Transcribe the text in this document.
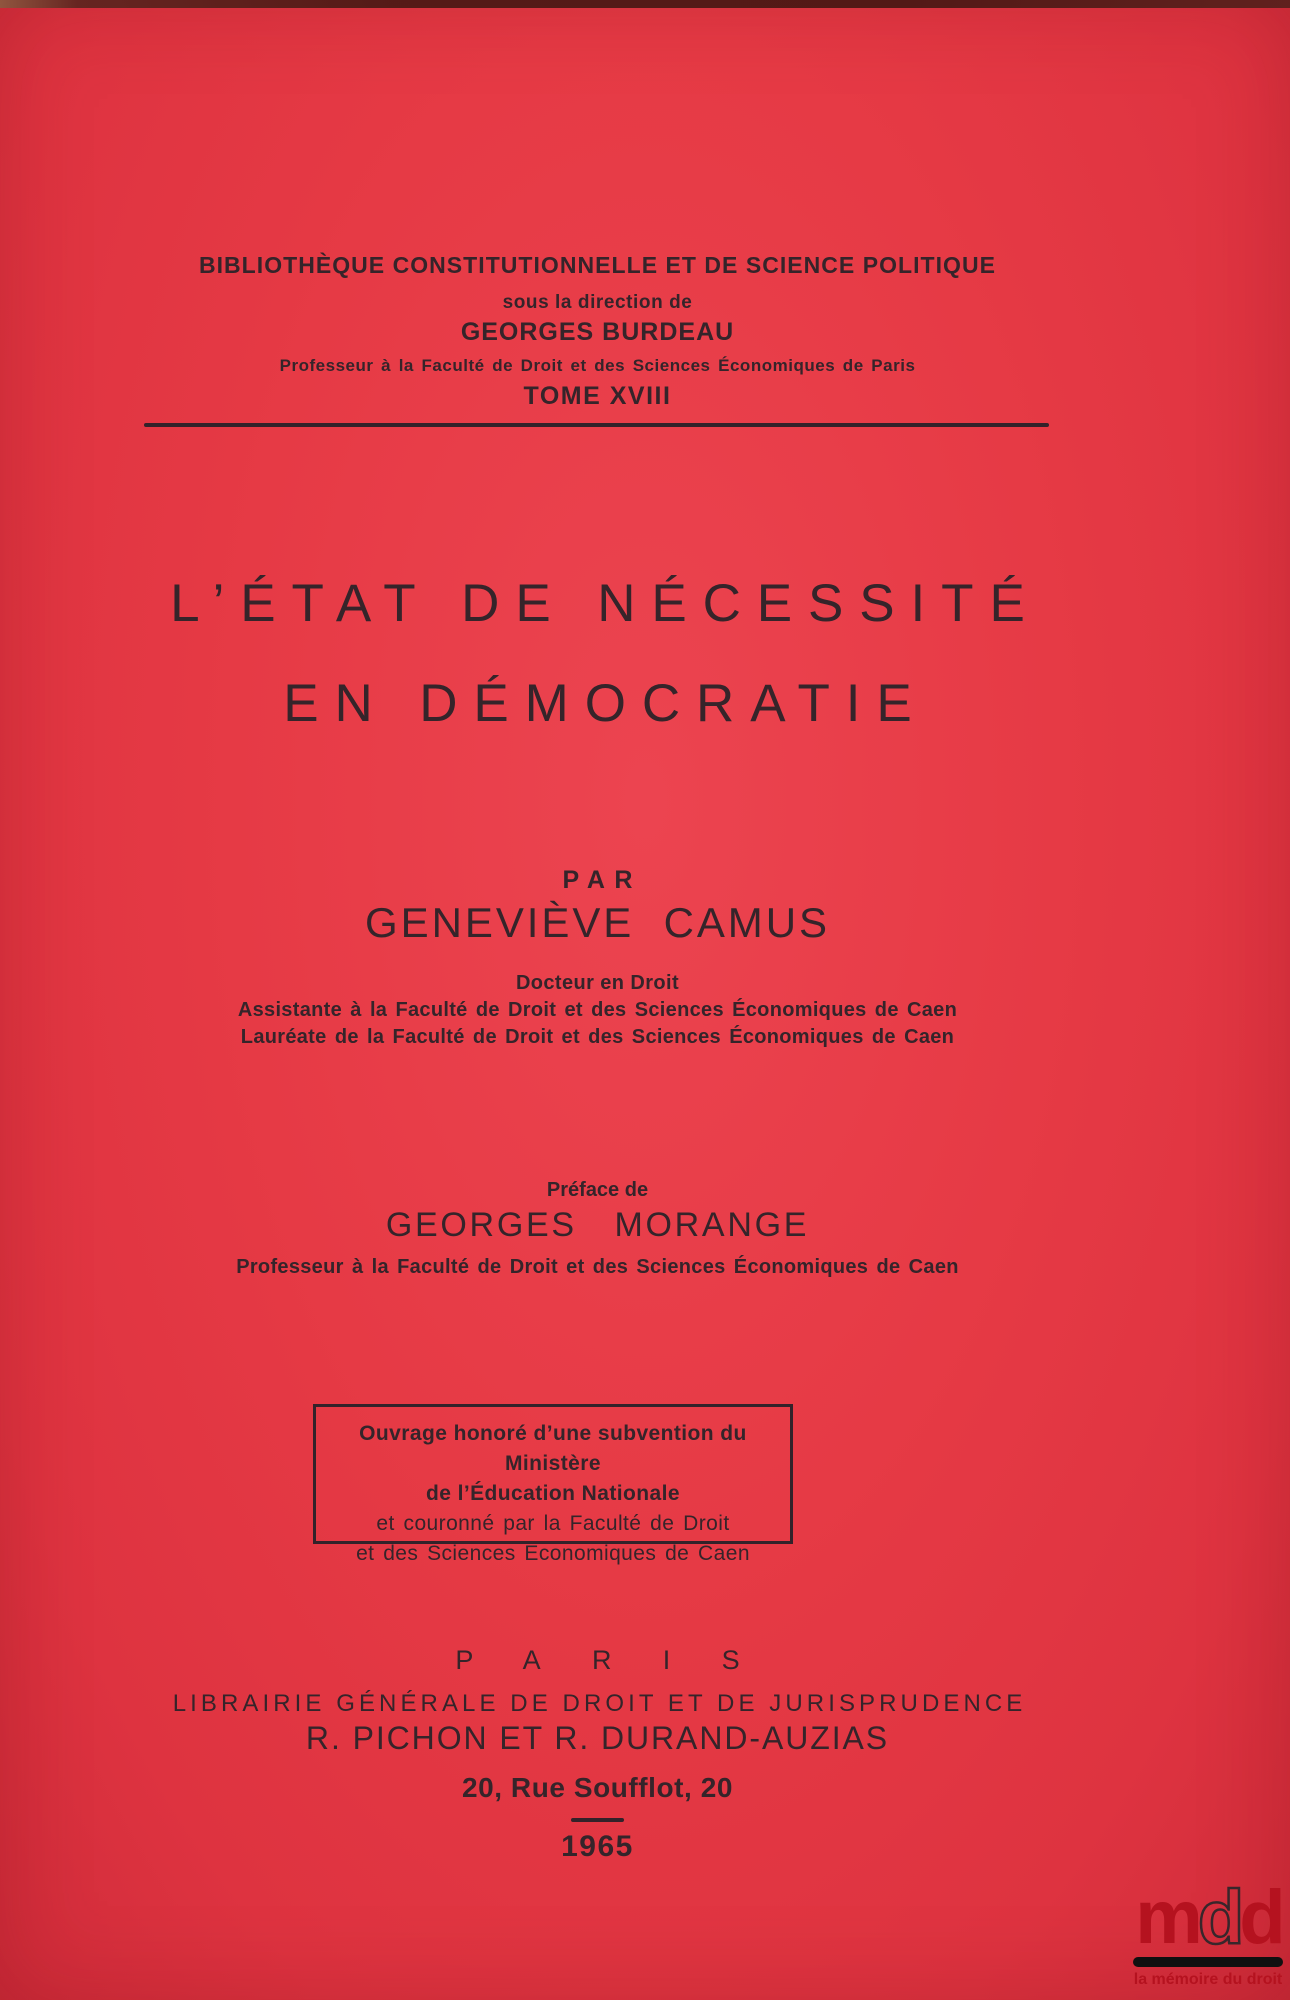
BIBLIOTHÈQUE CONSTITUTIONNELLE ET DE SCIENCE POLITIQUE
sous la direction de
GEORGES BURDEAU
Professeur à la Faculté de Droit et des Sciences Économiques de Paris
TOME XVIII
L’ÉTAT DE NÉCESSITÉ
EN DÉMOCRATIE
PAR
GENEVIÈVE CAMUS
Docteur en Droit
Assistante à la Faculté de Droit et des Sciences Économiques de Caen
Lauréate de la Faculté de Droit et des Sciences Économiques de Caen
Préface de
GEORGES MORANGE
Professeur à la Faculté de Droit et des Sciences Économiques de Caen
PARIS
LIBRAIRIE GÉNÉRALE DE DROIT ET DE JURISPRUDENCE
R. PICHON ET R. DURAND-AUZIAS
20, Rue Soufflot, 20
1965
Ouvrage honoré d’une subvention du Ministère
de l’Éducation Nationale
et couronné par la Faculté de Droit
et des Sciences Économiques de Caen
mdd
la mémoire du droit
